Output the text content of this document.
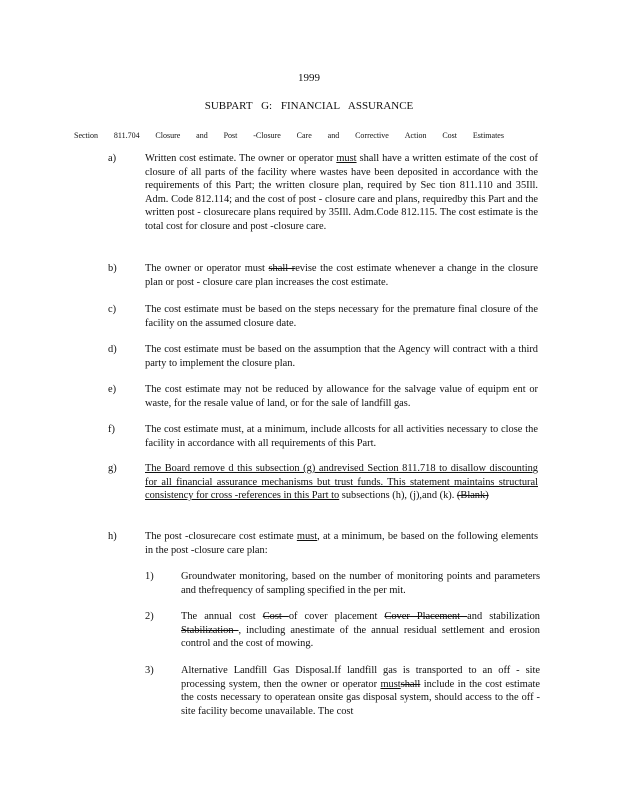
1999
SUBPART G: FINANCIAL ASSURANCE
Section 811.704 Closure and Post -Closure Care and Corrective Action Cost Estimates
a)	Written cost estimate. The owner or operator must shall have a written estimate of the cost of closure of all parts of the facility where wastes have been deposited in accordance with the requirements of this Part; the written closure plan, required by Sec tion 811.110 and 35Ill. Adm. Code 812.114; and the cost of post - closure care and plans, requiredby this Part and the written post - closurecare plans required by 35Ill. Adm.Code 812.115. The cost estimate is the total cost for closure and post -closure care.
b)	The owner or operator must shall revise the cost estimate whenever a change in the closure plan or post - closure care plan increases the cost estimate.
c)	The cost estimate must be based on the steps necessary for the premature final closure of the facility on the assumed closure date.
d)	The cost estimate must be based on the assumption that the Agency will contract with a third party to implement the closure plan.
e)	The cost estimate may not be reduced by allowance for the salvage value of equipm ent or waste, for the resale value of land, or for the sale of landfill gas.
f)	The cost estimate must, at a minimum, include allcosts for all activities necessary to close the facility in accordance with all requirements of this Part.
g)	The Board remove d this subsection (g) andrevised Section 811.718 to disallow discounting for all financial assurance mechanisms but trust funds. This statement maintains structural consistency for cross -references in this Part to subsections (h), (j),and (k). (Blank)
h)	The post -closurecare cost estimate must, at a minimum, be based on the following elements in the post -closure care plan:
1)	Groundwater monitoring, based on the number of monitoring points and parameters and thefrequency of sampling specified in the per mit.
2)	The annual cost Cost of cover placement Cover Placement and stabilization Stabilization , including anestimate of the annual residual settlement and erosion control and the cost of mowing.
3)	Alternative Landfill Gas Disposal.If landfill gas is transported to an off - site processing system, then the owner or operator mustshall include in the cost estimate the costs necessary to operatean onsite gas disposal system, should access to the off -site facility become unavailable. The cost
